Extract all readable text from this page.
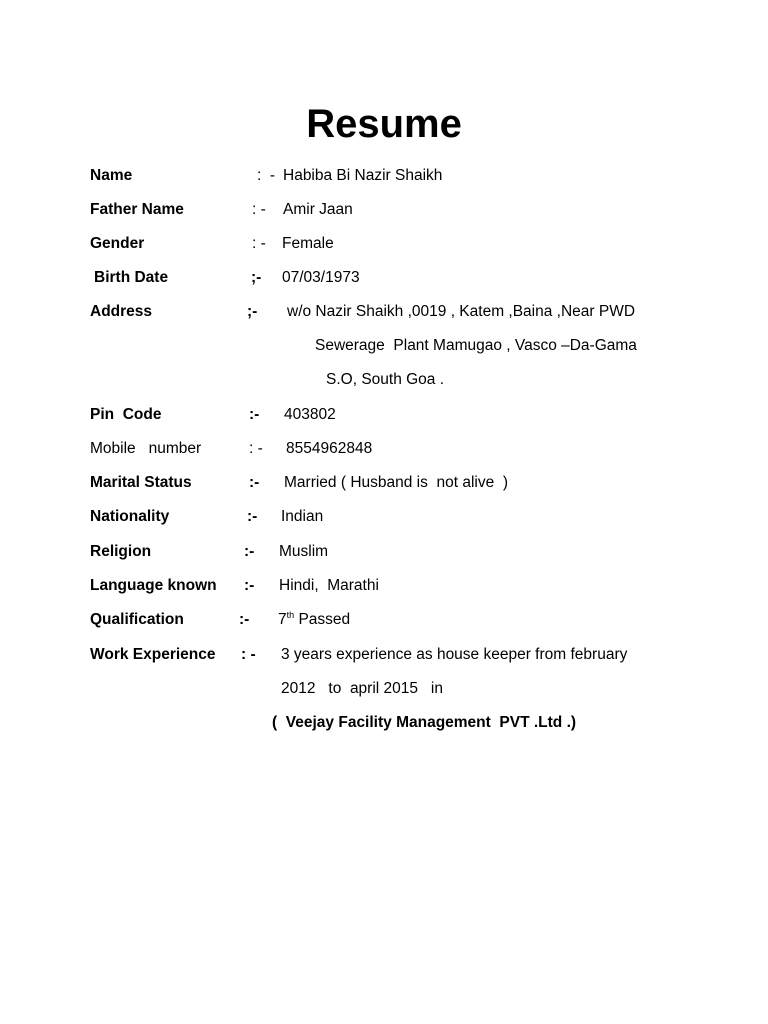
Resume
Name	:  - Habiba Bi Nazir Shaikh
Father Name	: - Amir Jaan
Gender	: - Female
Birth Date	;- 07/03/1973
Address	;- w/o Nazir Shaikh ,0019 , Katem ,Baina ,Near PWD
Sewerage  Plant Mamugao , Vasco –Da-Gama
S.O, South Goa .
Pin  Code	:- 403802
Mobile   number	: - 8554962848
Marital Status	:- Married ( Husband is  not alive  )
Nationality	:- Indian
Religion	:- Muslim
Language known :- Hindi,  Marathi
Qualification	:- 7th Passed
Work Experience : - 3 years experience as house keeper from february
2012   to  april 2015   in
(  Veejay Facility Management  PVT .Ltd .)
